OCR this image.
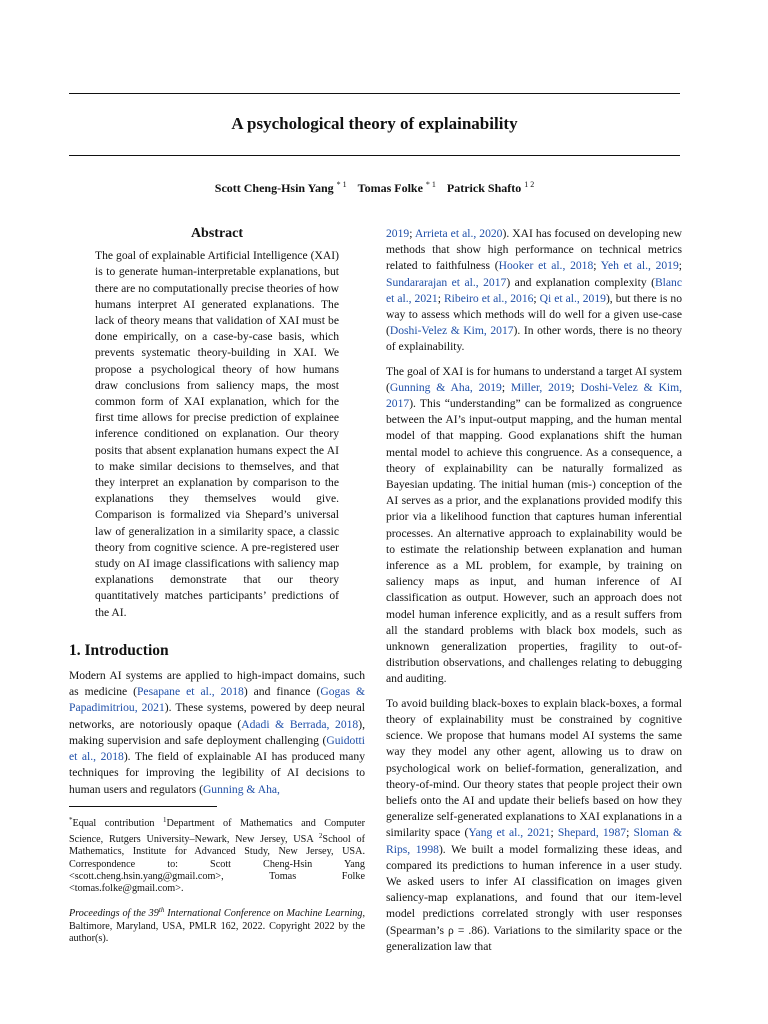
A psychological theory of explainability
Scott Cheng-Hsin Yang $^{* 1}$ Tomas Folke $^{* 1}$ Patrick Shafto $^{1 2}$
Abstract

The goal of explainable Artificial Intelligence (XAI) is to generate human-interpretable explanations, but there are no computationally precise theories of how humans interpret AI generated explanations. The lack of theory means that validation of XAI must be done empirically, on a case-by-case basis, which prevents systematic theory-building in XAI. We propose a psychological theory of how humans draw conclusions from saliency maps, the most common form of XAI explanation, which for the first time allows for precise prediction of explainee inference conditioned on explanation. Our theory posits that absent explanation humans expect the AI to make similar decisions to themselves, and that they interpret an explanation by comparison to the explanations they themselves would give. Comparison is formalized via Shepard’s universal law of generalization in a similarity space, a classic theory from cognitive science. A pre-registered user study on AI image classifications with saliency map explanations demonstrate that our theory quantitatively matches participants’ predictions of the AI.

1. Introduction

Modern AI systems are applied to high-impact domains, such as medicine (Pesapane et al., 2018) and finance (Gogas & Papadimitriou, 2021). These systems, powered by deep neural networks, are notoriously opaque (Adadi & Berrada, 2018), making supervision and safe deployment challenging (Guidotti et al., 2018). The field of explainable AI has produced many techniques for improving the legibility of AI decisions to human users and regulators (Gunning & Aha,

*Equal contribution $^1$Department of Mathematics and Computer Science, Rutgers University–Newark, New Jersey, USA $^2$School of Mathematics, Institute for Advanced Study, New Jersey, USA. Correspondence to: Scott Cheng-Hsin Yang <scott.cheng.hsin.yang@gmail.com>, Tomas Folke <tomas.folke@gmail.com>.
Proceedings of the 39th International Conference on Machine Learning, Baltimore, Maryland, USA, PMLR 162, 2022. Copyright 2022 by the author(s).

2019; Arrieta et al., 2020). XAI has focused on developing new methods that show high performance on technical metrics related to faithfulness (Hooker et al., 2018; Yeh et al., 2019; Sundararajan et al., 2017) and explanation complexity (Blanc et al., 2021; Ribeiro et al., 2016; Qi et al., 2019), but there is no way to assess which methods will do well for a given use-case (Doshi-Velez & Kim, 2017). In other words, there is no theory of explainability.

The goal of XAI is for humans to understand a target AI system (Gunning & Aha, 2019; Miller, 2019; Doshi-Velez & Kim, 2017). This “understanding” can be formalized as congruence between the AI’s input-output mapping, and the human mental model of that mapping. Good explanations shift the human mental model to achieve this congruence. As a consequence, a theory of explainability can be naturally formalized as Bayesian updating. The initial human (mis-) conception of the AI serves as a prior, and the explanations provided modify this prior via a likelihood function that captures human inferential processes. An alternative approach to explainability would be to estimate the relationship between explanation and human inference as a ML problem, for example, by training on saliency maps as input, and human inference of AI classification as output. However, such an approach does not model human inference explicitly, and as a result suffers from all the standard problems with black box models, such as unknown generalization properties, fragility to out-of-distribution observations, and challenges relating to debugging and auditing.

To avoid building black-boxes to explain black-boxes, a formal theory of explainability must be constrained by cognitive science. We propose that humans model AI systems the same way they model any other agent, allowing us to draw on psychological work on belief-formation, generalization, and theory-of-mind. Our theory states that people project their own beliefs onto the AI and update their beliefs based on how they generalize self-generated explanations to XAI explanations in a similarity space (Yang et al., 2021; Shepard, 1987; Sloman & Rips, 1998). We built a model formalizing these ideas, and compared its predictions to human inference in a user study. We asked users to infer AI classification on images given saliency-map explanations, and found that our item-level model predictions correlated strongly with user responses (Spearman’s ρ = .86). Variations to the similarity space or the generalization law that
